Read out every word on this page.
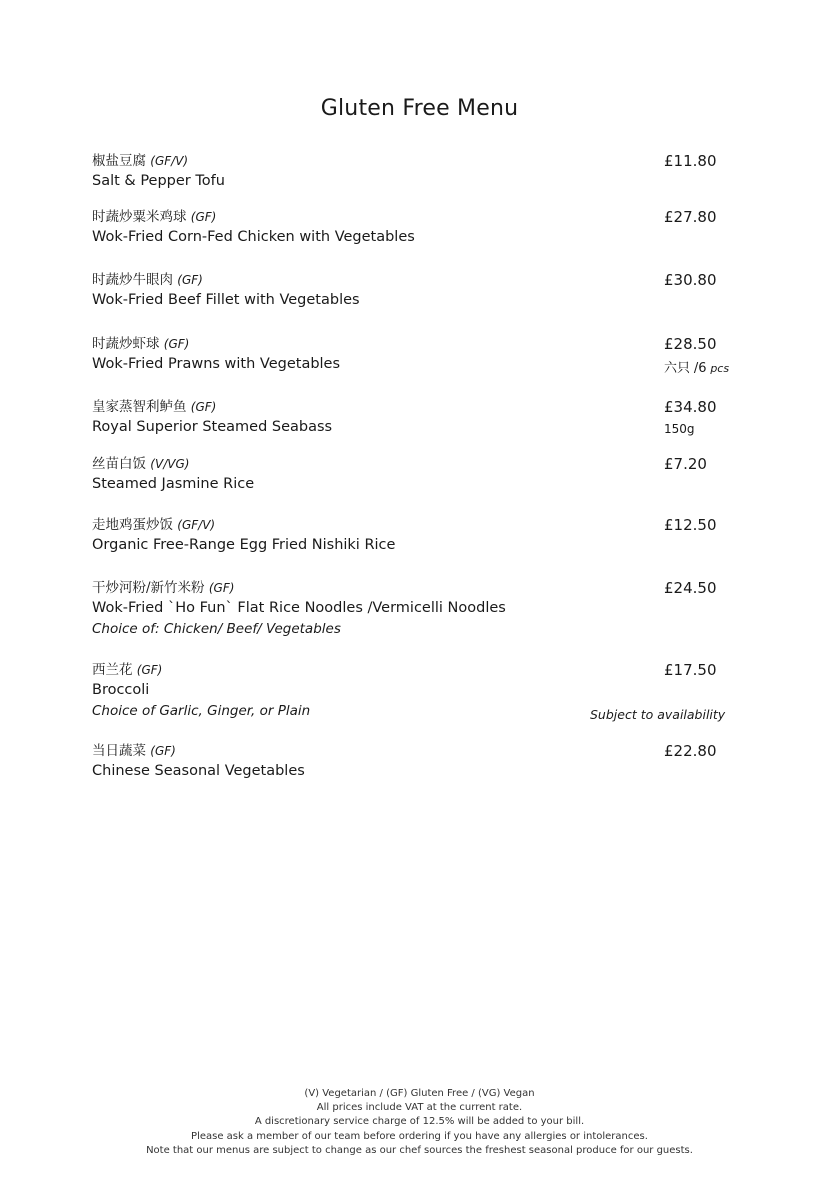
Gluten Free Menu
椒盐豆腐 (GF/V)
Salt & Pepper Tofu
£11.80
时蔬炒粟米鸡球 (GF)
Wok-Fried Corn-Fed Chicken with Vegetables
£27.80
时蔬炒牛眼肉 (GF)
Wok-Fried Beef Fillet with Vegetables
£30.80
时蔬炒虾球 (GF)
Wok-Fried Prawns with Vegetables
£28.50
六只 /6 pcs
皇家蒸智利鲈鱼 (GF)
Royal Superior Steamed Seabass
£34.80
150g
丝苗白饭 (V/VG)
Steamed Jasmine Rice
£7.20
走地鸡蛋炒饭 (GF/V)
Organic Free-Range Egg Fried Nishiki Rice
£12.50
干炒河粉/新竹米粉 (GF)
Wok-Fried `Ho Fun` Flat Rice Noodles /Vermicelli Noodles
Choice of: Chicken/ Beef/ Vegetables
£24.50
西兰花 (GF)
Broccoli
Choice of Garlic, Ginger, or Plain
£17.50
Subject to availability
当日蔬菜 (GF)
Chinese Seasonal Vegetables
£22.80
(V) Vegetarian / (GF) Gluten Free / (VG) Vegan
All prices include VAT at the current rate.
A discretionary service charge of 12.5% will be added to your bill.
Please ask a member of our team before ordering if you have any allergies or intolerances.
Note that our menus are subject to change as our chef sources the freshest seasonal produce for our guests.
